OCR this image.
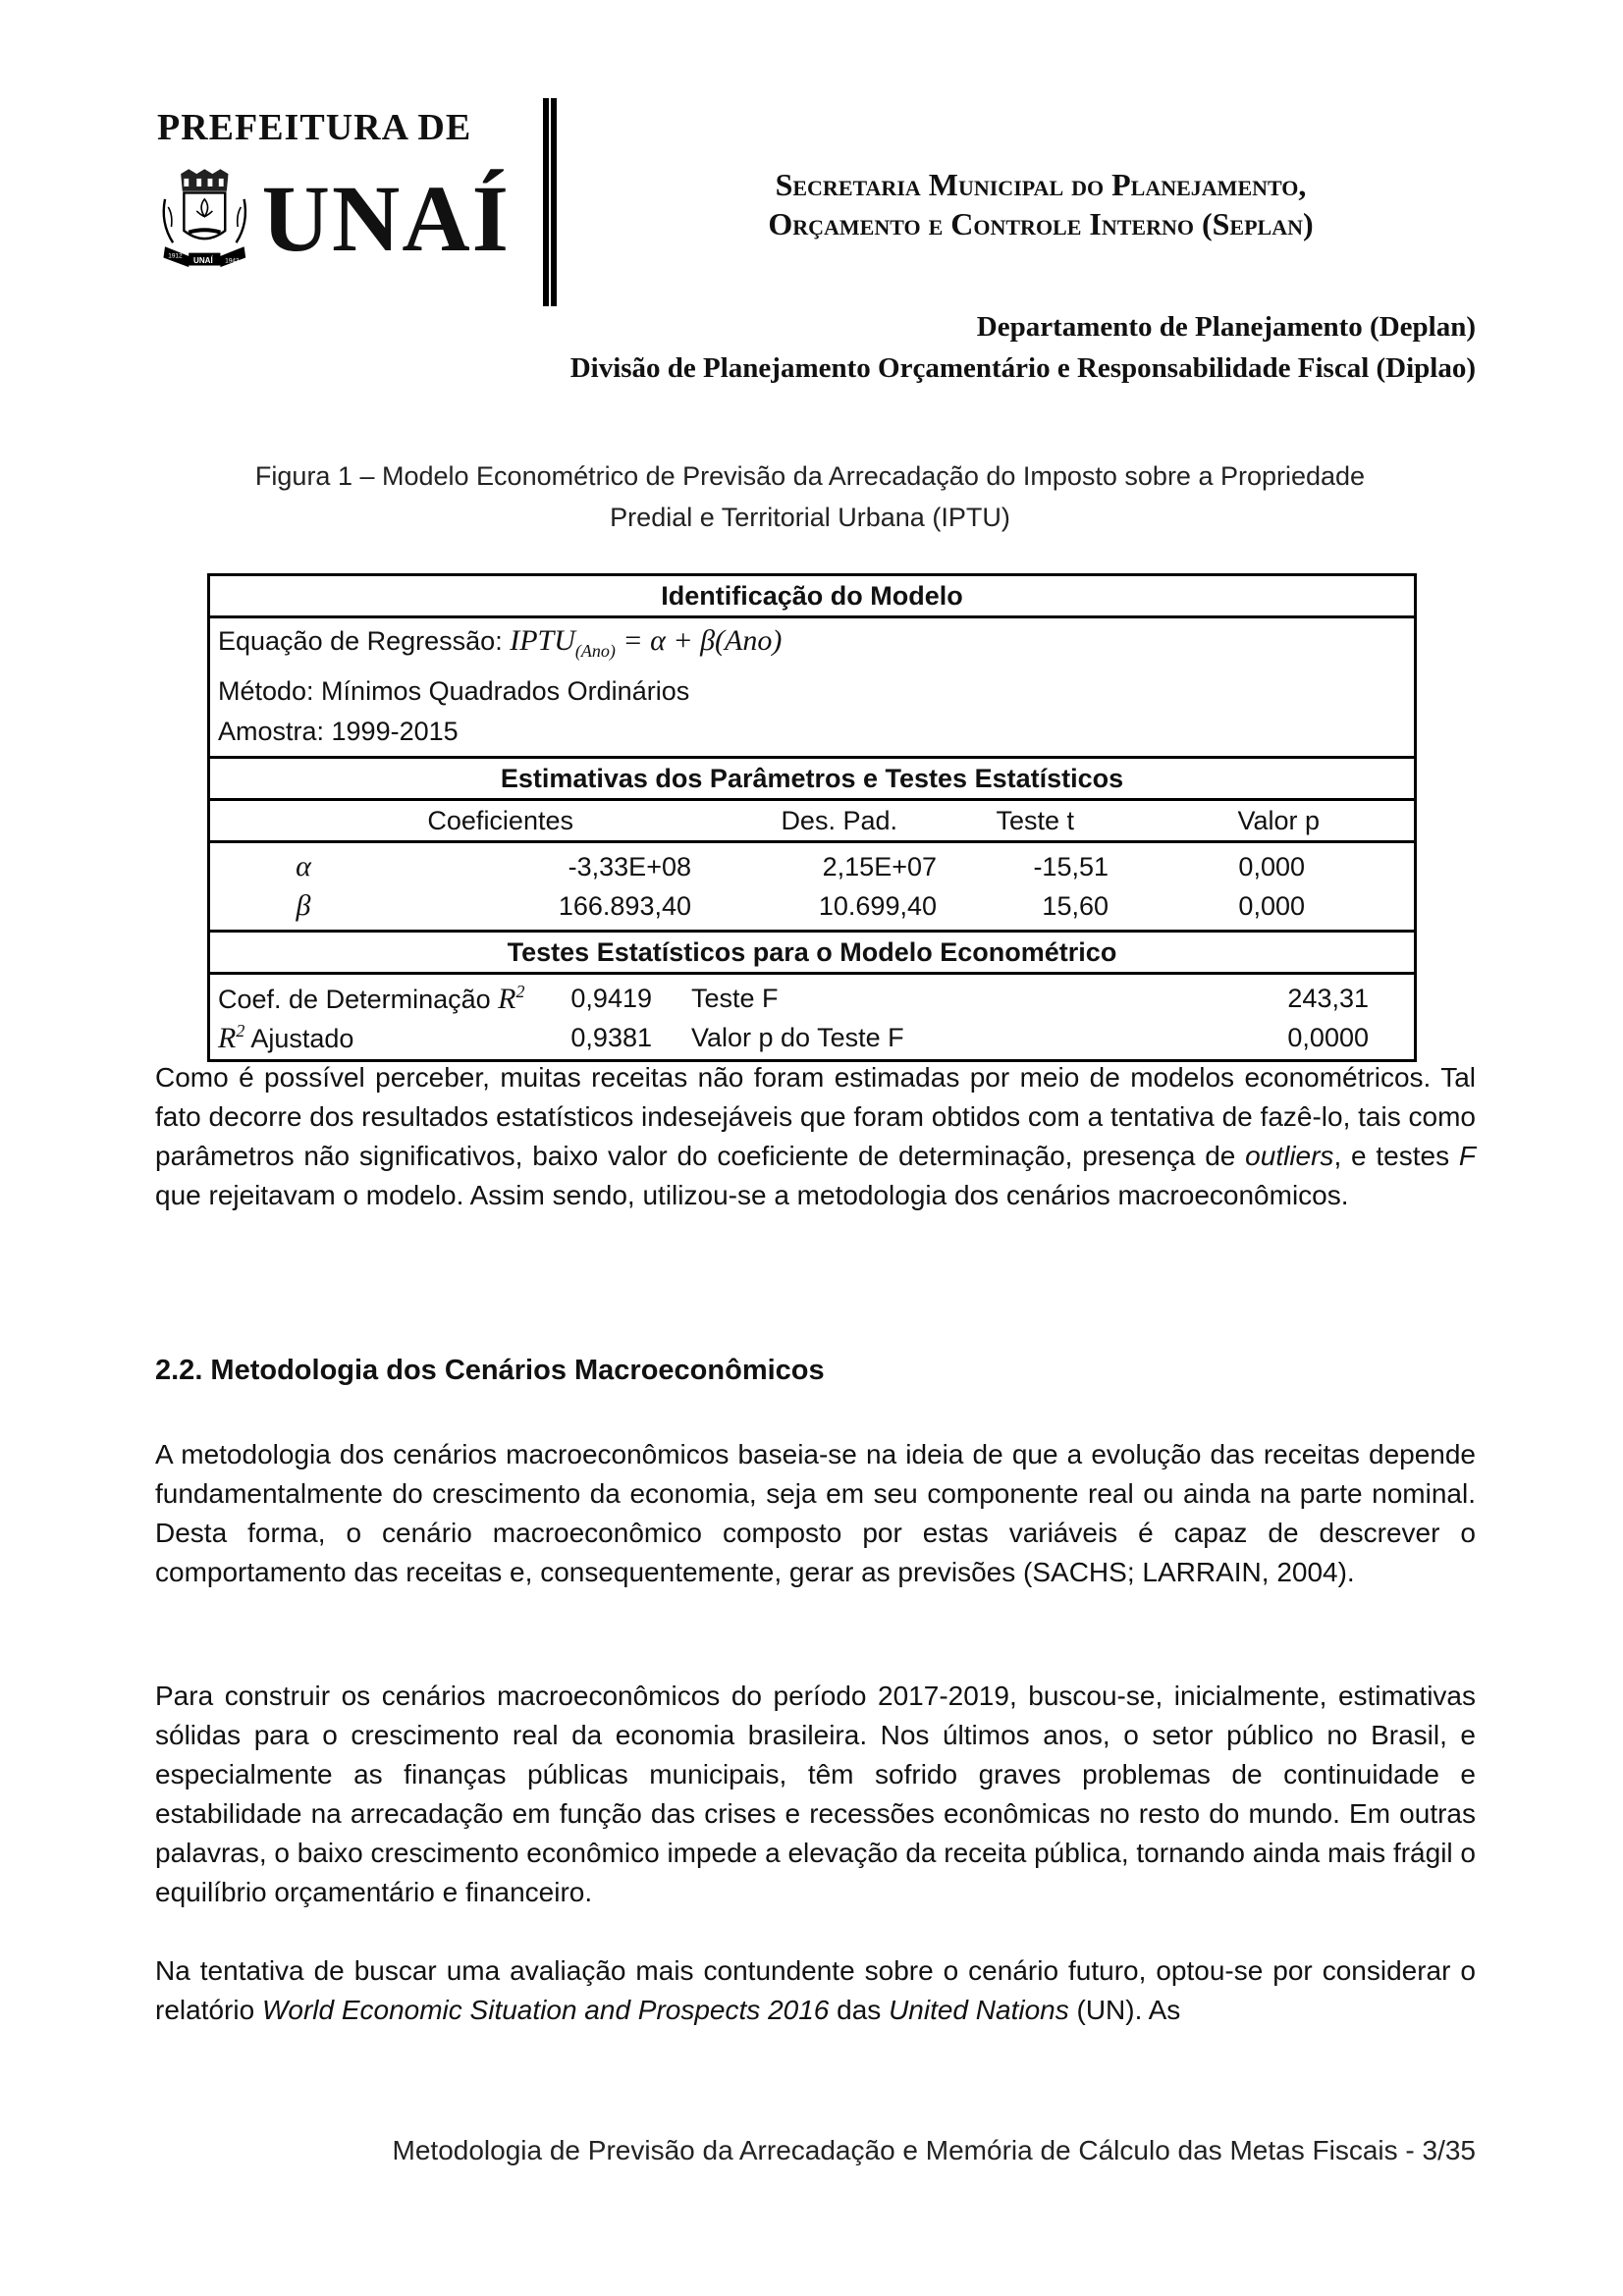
PREFEITURA DE
UNAÍ
1912
1943 UNAÍ	Secretaria Municipal do Planejamento,
Orçamento e Controle Interno (Seplan)
Departamento de Planejamento (Deplan)
Divisão de Planejamento Orçamentário e Responsabilidade Fiscal (Diplao)
Figura 1 – Modelo Econométrico de Previsão da Arrecadação do Imposto sobre a Propriedade
Predial e Territorial Urbana (IPTU)
Identificação do Modelo
Equação de Regressão: $IPTU_{(Ano)} = \alpha + \beta(Ano)$
Método: Mínimos Quadrados Ordinários
Amostra: 1999-2015
Estimativas dos Parâmetros e Testes Estatísticos
Coeficientes	Des. Pad.	Teste t	Valor p
α	-3,33E+08	2,15E+07	-15,51	0,000
β	166.893,40	10.699,40	15,60	0,000
Testes Estatísticos para o Modelo Econométrico
Coef. de Determinação $R^2$	0,9419	Teste F	243,31
$R^2$ Ajustado	0,9381	Valor p do Teste F	0,0000

Como é possível perceber, muitas receitas não foram estimadas por meio de modelos econométricos. Tal fato decorre dos resultados estatísticos indesejáveis que foram obtidos com a tentativa de fazê-lo, tais como parâmetros não significativos, baixo valor do coeficiente de determinação, presença de outliers, e testes F que rejeitavam o modelo. Assim sendo, utilizou-se a metodologia dos cenários macroeconômicos.

2.2. Metodologia dos Cenários Macroeconômicos

A metodologia dos cenários macroeconômicos baseia-se na ideia de que a evolução das receitas depende fundamentalmente do crescimento da economia, seja em seu componente real ou ainda na parte nominal. Desta forma, o cenário macroeconômico composto por estas variáveis é capaz de descrever o comportamento das receitas e, consequentemente, gerar as previsões (SACHS; LARRAIN, 2004).

Para construir os cenários macroeconômicos do período 2017-2019, buscou-se, inicialmente, estimativas sólidas para o crescimento real da economia brasileira. Nos últimos anos, o setor público no Brasil, e especialmente as finanças públicas municipais, têm sofrido graves problemas de continuidade e estabilidade na arrecadação em função das crises e recessões econômicas no resto do mundo. Em outras palavras, o baixo crescimento econômico impede a elevação da receita pública, tornando ainda mais frágil o equilíbrio orçamentário e financeiro.

Na tentativa de buscar uma avaliação mais contundente sobre o cenário futuro, optou-se por considerar o relatório World Economic Situation and Prospects 2016 das United Nations (UN). As

Metodologia de Previsão da Arrecadação e Memória de Cálculo das Metas Fiscais - 3/35
